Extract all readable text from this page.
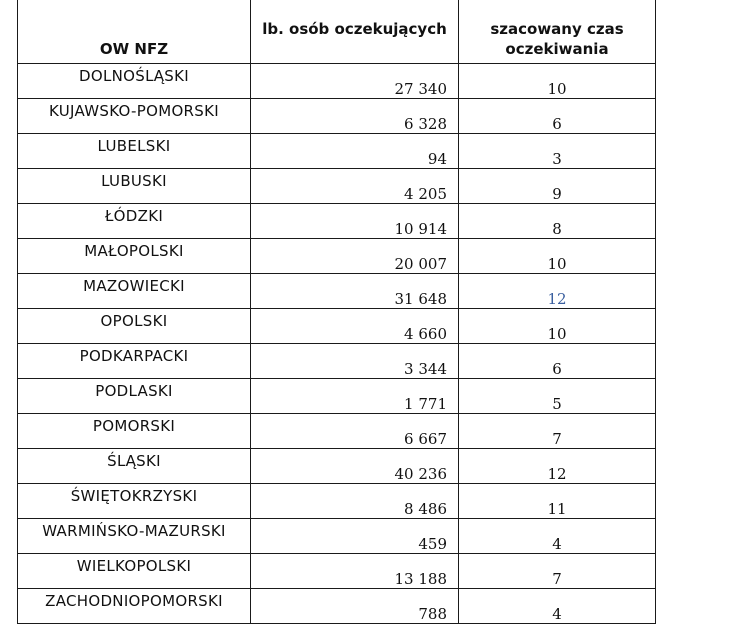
OW NFZ	lb. osób oczekujących	szacowany czas
oczekiwania

DOLNOŚLĄSKI	27 340	10
KUJAWSKO-POMORSKI	6 328	6
LUBELSKI	94	3
LUBUSKI	4 205	9
ŁÓDZKI	10 914	8
MAŁOPOLSKI	20 007	10
MAZOWIECKI	31 648	12
OPOLSKI	4 660	10
PODKARPACKI	3 344	6
PODLASKI	1 771	5
POMORSKI	6 667	7
ŚLĄSKI	40 236	12
ŚWIĘTOKRZYSKI	8 486	11
WARMIŃSKO-MAZURSKI	459	4
WIELKOPOLSKI	13 188	7
ZACHODNIOPOMORSKI	788	4
